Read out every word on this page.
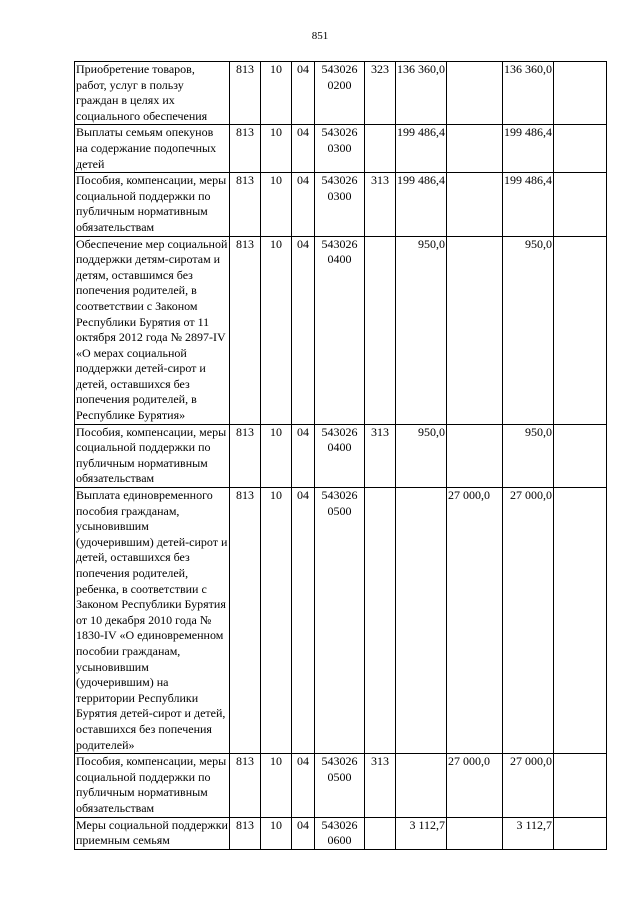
851
Приобретение товаров, работ, услуг в пользу граждан в целях их социального обеспечения	813	10	04	543026 0200	323	136 360,0		136 360,0	
Выплаты семьям опекунов на содержание подопечных детей	813	10	04	543026 0300		199 486,4		199 486,4	
Пособия, компенсации, меры социальной поддержки по публичным нормативным обязательствам	813	10	04	543026 0300	313	199 486,4		199 486,4	
Обеспечение мер социальной поддержки детям-сиротам и детям, оставшимся без попечения родителей, в соответствии с Законом Республики Бурятия от 11 октября 2012 года № 2897-IV «О мерах социальной поддержки детей-сирот и детей, оставшихся без попечения родителей, в Республике Бурятия»	813	10	04	543026 0400		950,0		950,0	
Пособия, компенсации, меры социальной поддержки по публичным нормативным обязательствам	813	10	04	543026 0400	313	950,0		950,0	
Выплата единовременного пособия гражданам, усыновившим (удочерившим) детей-сирот и детей, оставшихся без попечения родителей, ребенка, в соответствии с Законом Республики Бурятия от 10 декабря 2010 года № 1830-IV «О единовременном пособии гражданам, усыновившим (удочерившим) на территории Республики Бурятия детей-сирот и детей, оставшихся без попечения родителей»	813	10	04	543026 0500			27 000,0	27 000,0	
Пособия, компенсации, меры социальной поддержки по публичным нормативным обязательствам	813	10	04	543026 0500	313		27 000,0	27 000,0	
Меры социальной поддержки приемным семьям	813	10	04	543026 0600		3 112,7		3 112,7	
